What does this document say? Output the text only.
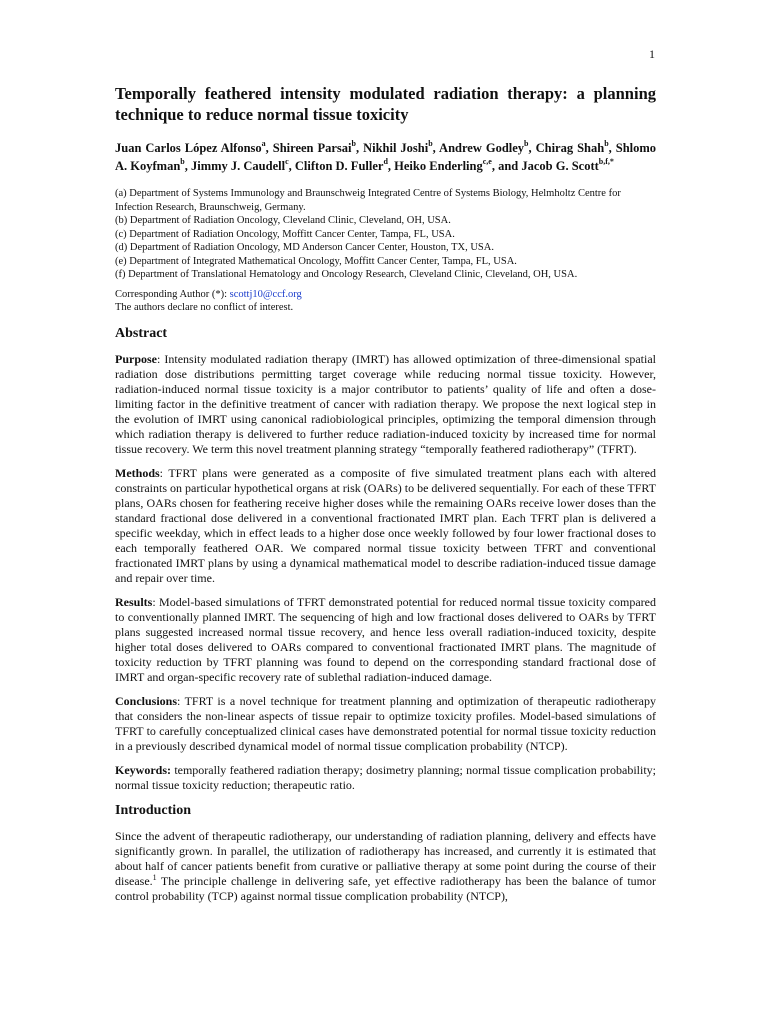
1
Temporally feathered intensity modulated radiation therapy: a planning technique to reduce normal tissue toxicity
Juan Carlos López Alfonso$^a$, Shireen Parsai$^b$, Nikhil Joshi$^b$, Andrew Godley$^b$, Chirag Shah$^b$, Shlomo A. Koyfman$^b$, Jimmy J. Caudell$^c$, Clifton D. Fuller$^d$, Heiko Enderling$^{c,e}$, and Jacob G. Scott$^{b,f,*}$
(a) Department of Systems Immunology and Braunschweig Integrated Centre of Systems Biology, Helmholtz Centre for Infection Research, Braunschweig, Germany.
(b) Department of Radiation Oncology, Cleveland Clinic, Cleveland, OH, USA.
(c) Department of Radiation Oncology, Moffitt Cancer Center, Tampa, FL, USA.
(d) Department of Radiation Oncology, MD Anderson Cancer Center, Houston, TX, USA.
(e) Department of Integrated Mathematical Oncology, Moffitt Cancer Center, Tampa, FL, USA.
(f) Department of Translational Hematology and Oncology Research, Cleveland Clinic, Cleveland, OH, USA.
Corresponding Author (*): scottj10@ccf.org
The authors declare no conflict of interest.
Abstract

Purpose: Intensity modulated radiation therapy (IMRT) has allowed optimization of three-dimensional spatial radiation dose distributions permitting target coverage while reducing normal tissue toxicity. However, radiation-induced normal tissue toxicity is a major contributor to patients’ quality of life and often a dose-limiting factor in the definitive treatment of cancer with radiation therapy. We propose the next logical step in the evolution of IMRT using canonical radiobiological principles, optimizing the temporal dimension through which radiation therapy is delivered to further reduce radiation-induced toxicity by increased time for normal tissue recovery. We term this novel treatment planning strategy “temporally feathered radiotherapy” (TFRT).

Methods: TFRT plans were generated as a composite of five simulated treatment plans each with altered constraints on particular hypothetical organs at risk (OARs) to be delivered sequentially. For each of these TFRT plans, OARs chosen for feathering receive higher doses while the remaining OARs receive lower doses than the standard fractional dose delivered in a conventional fractionated IMRT plan. Each TFRT plan is delivered a specific weekday, which in effect leads to a higher dose once weekly followed by four lower fractional doses to each temporally feathered OAR. We compared normal tissue toxicity between TFRT and conventional fractionated IMRT plans by using a dynamical mathematical model to describe radiation-induced tissue damage and repair over time.

Results: Model-based simulations of TFRT demonstrated potential for reduced normal tissue toxicity compared to conventionally planned IMRT. The sequencing of high and low fractional doses delivered to OARs by TFRT plans suggested increased normal tissue recovery, and hence less overall radiation-induced toxicity, despite higher total doses delivered to OARs compared to conventional fractionated IMRT plans. The magnitude of toxicity reduction by TFRT planning was found to depend on the corresponding standard fractional dose of IMRT and organ-specific recovery rate of sublethal radiation-induced damage.

Conclusions: TFRT is a novel technique for treatment planning and optimization of therapeutic radiotherapy that considers the non-linear aspects of tissue repair to optimize toxicity profiles. Model-based simulations of TFRT to carefully conceptualized clinical cases have demonstrated potential for normal tissue toxicity reduction in a previously described dynamical model of normal tissue complication probability (NTCP).

Keywords: temporally feathered radiation therapy; dosimetry planning; normal tissue complication probability; normal tissue toxicity reduction; therapeutic ratio.

Introduction

Since the advent of therapeutic radiotherapy, our understanding of radiation planning, delivery and effects have significantly grown. In parallel, the utilization of radiotherapy has increased, and currently it is estimated that about half of cancer patients benefit from curative or palliative therapy at some point during the course of their disease.$^1$ The principle challenge in delivering safe, yet effective radiotherapy has been the balance of tumor control probability (TCP) against normal tissue complication probability (NTCP),
